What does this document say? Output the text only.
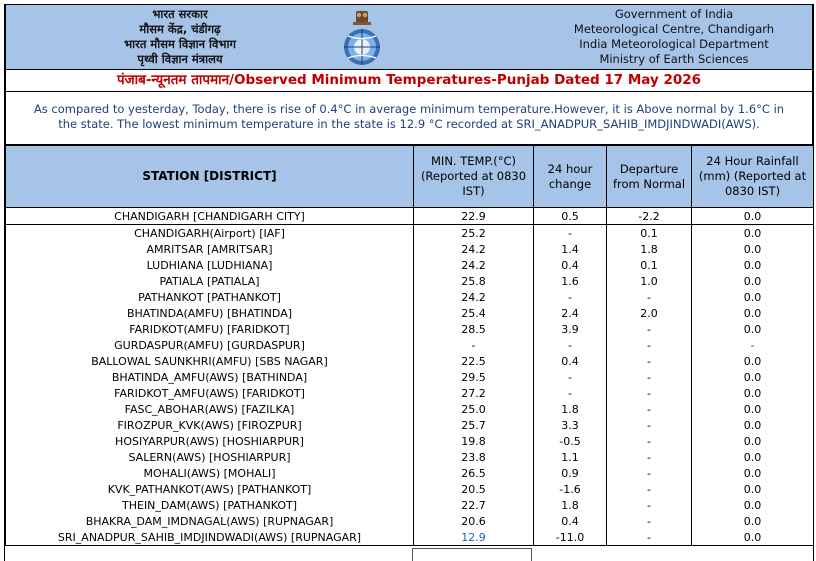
भारत सरकार
मौसम केंद्र, चंडीगढ़
भारत मौसम विज्ञान विभाग
पृथ्वी विज्ञान मंत्रालय
Government of India
Meteorological Centre, Chandigarh
India Meteorological Department
Ministry of Earth Sciences
पंजाब-न्यूनतम तापमान/Observed Minimum Temperatures-Punjab Dated 17 May 2026
As compared to yesterday, Today, there is rise of 0.4°C in average minimum temperature.However, it is Above normal by 1.6°C in
the state. The lowest minimum temperature in the state is 12.9 °C recorded at SRI_ANADPUR_SAHIB_IMDJINDWADI(AWS).
STATION [DISTRICT]	MIN. TEMP.(°C) (Reported at 0830 IST)	24 hour change	Departure from Normal	24 Hour Rainfall (mm) (Reported at 0830 IST)
CHANDIGARH [CHANDIGARH CITY]	22.9	0.5	-2.2	0.0
CHANDIGARH(Airport) [IAF]	25.2	-	0.1	0.0
AMRITSAR [AMRITSAR]	24.2	1.4	1.8	0.0
LUDHIANA [LUDHIANA]	24.2	0.4	0.1	0.0
PATIALA [PATIALA]	25.8	1.6	1.0	0.0
PATHANKOT [PATHANKOT]	24.2	-	-	0.0
BHATINDA(AMFU) [BHATINDA]	25.4	2.4	2.0	0.0
FARIDKOT(AMFU) [FARIDKOT]	28.5	3.9	-	0.0
GURDASPUR(AMFU) [GURDASPUR]	-	-	-	-
BALLOWAL SAUNKHRI(AMFU) [SBS NAGAR]	22.5	0.4	-	0.0
BHATINDA_AMFU(AWS) [BATHINDA]	29.5	-	-	0.0
FARIDKOT_AMFU(AWS) [FARIDKOT]	27.2	-	-	0.0
FASC_ABOHAR(AWS) [FAZILKA]	25.0	1.8	-	0.0
FIROZPUR_KVK(AWS) [FIROZPUR]	25.7	3.3	-	0.0
HOSIYARPUR(AWS) [HOSHIARPUR]	19.8	-0.5	-	0.0
SALERN(AWS) [HOSHIARPUR]	23.8	1.1	-	0.0
MOHALI(AWS) [MOHALI]	26.5	0.9	-	0.0
KVK_PATHANKOT(AWS) [PATHANKOT]	20.5	-1.6	-	0.0
THEIN_DAM(AWS) [PATHANKOT]	22.7	1.8	-	0.0
BHAKRA_DAM_IMDNAGAL(AWS) [RUPNAGAR]	20.6	0.4	-	0.0
SRI_ANADPUR_SAHIB_IMDJINDWADI(AWS) [RUPNAGAR]	12.9	-11.0	-	0.0
